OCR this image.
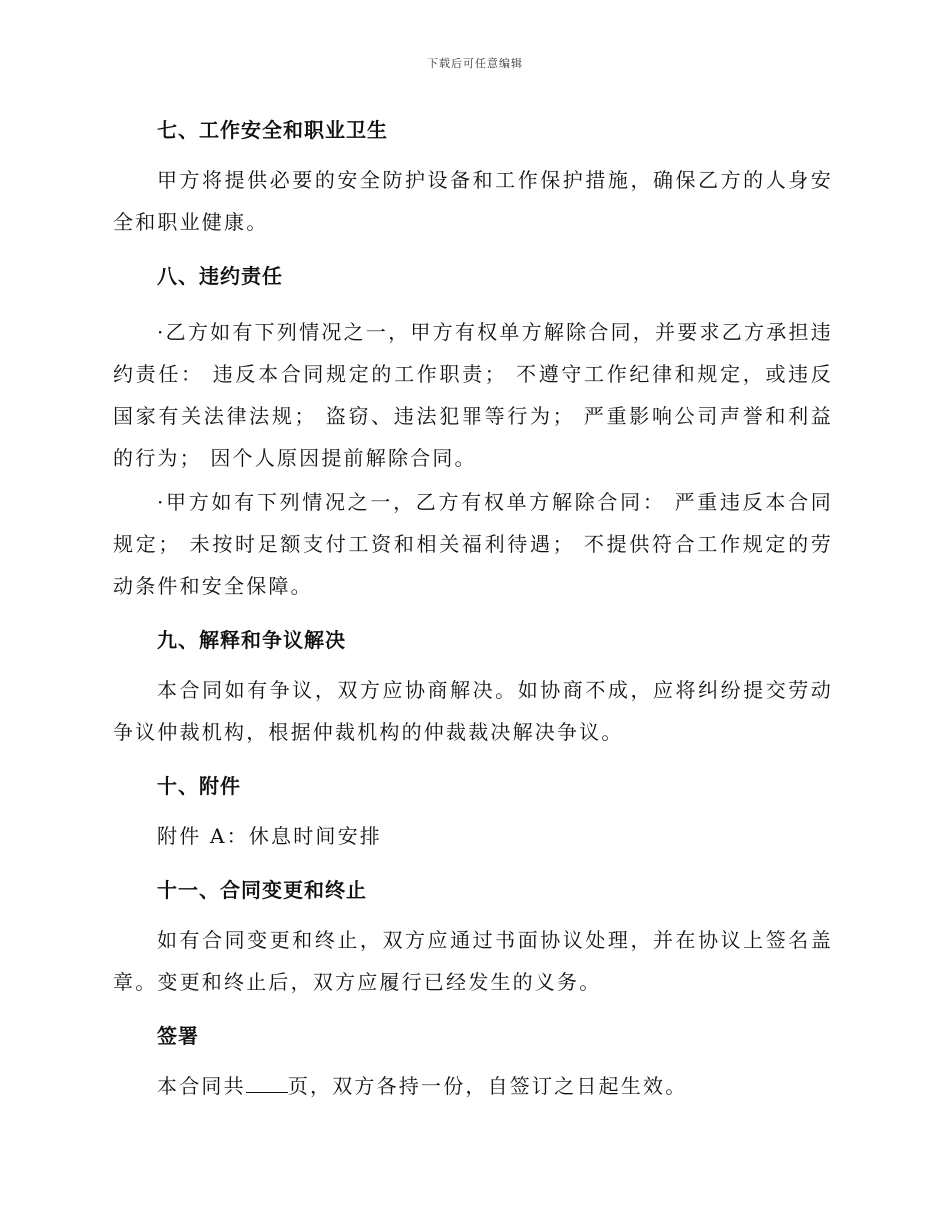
下载后可任意编辑
七、工作安全和职业卫生

甲方将提供必要的安全防护设备和工作保护措施，确保乙方的人身安全和职业健康。

八、违约责任

·乙方如有下列情况之一，甲方有权单方解除合同，并要求乙方承担违约责任： 违反本合同规定的工作职责； 不遵守工作纪律和规定，或违反国家有关法律法规； 盗窃、违法犯罪等行为； 严重影响公司声誉和利益的行为； 因个人原因提前解除合同。

·甲方如有下列情况之一，乙方有权单方解除合同： 严重违反本合同规定； 未按时足额支付工资和相关福利待遇； 不提供符合工作规定的劳动条件和安全保障。

九、解释和争议解决

本合同如有争议，双方应协商解决。如协商不成，应将纠纷提交劳动争议仲裁机构，根据仲裁机构的仲裁裁决解决争议。

十、附件

附件 A：休息时间安排

十一、合同变更和终止

如有合同变更和终止，双方应通过书面协议处理，并在协议上签名盖章。变更和终止后，双方应履行已经发生的义务。

签署

本合同共 页，双方各持一份，自签订之日起生效。
